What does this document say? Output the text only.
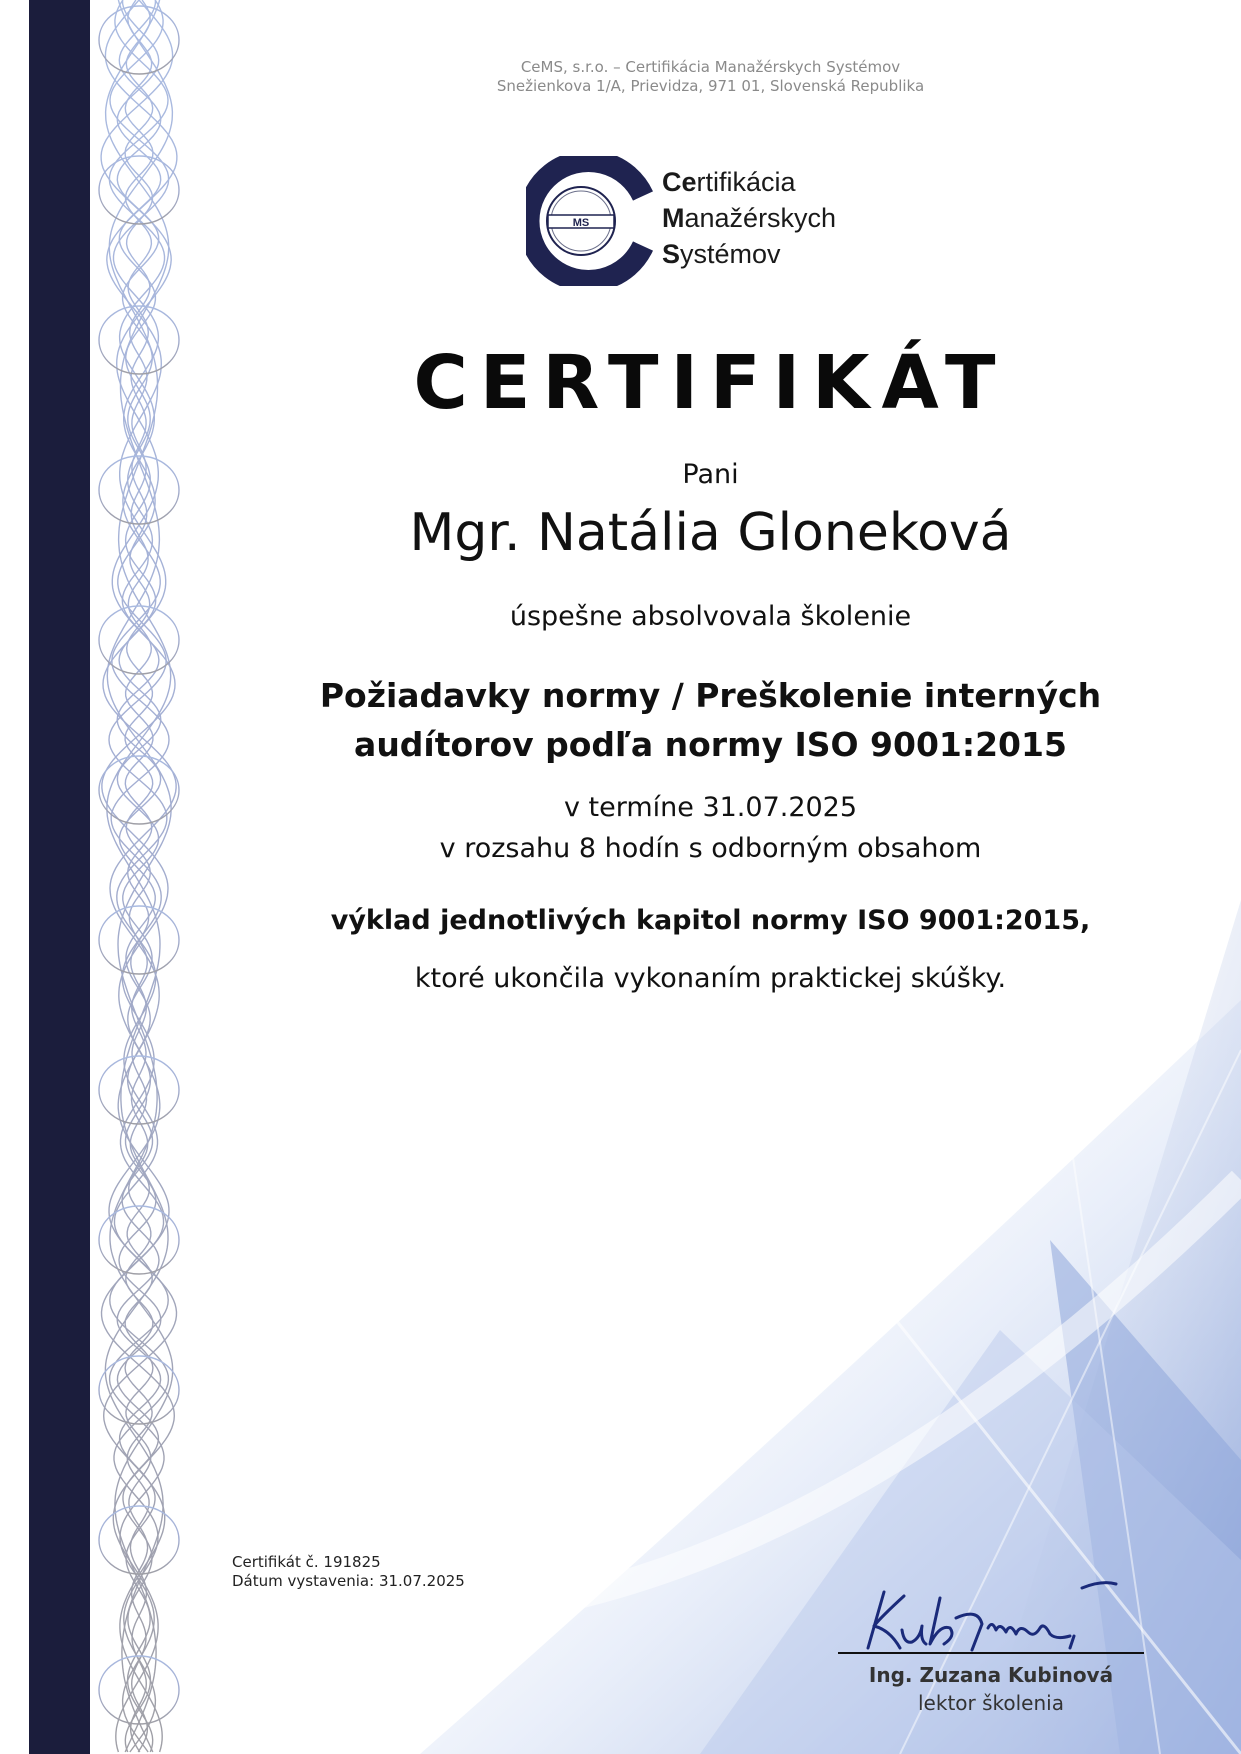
CeMS, s.r.o. – Certifikácia Manažérskych Systémov
Snežienkova 1/A, Prievidza, 971 01, Slovenská Republika
MS
Certifikácia
Manažérskych
Systémov
CERTIFIKÁT
Pani
Mgr. Natália Gloneková
úspešne absolvovala školenie
Požiadavky normy / Preškolenie interných
audítorov podľa normy ISO 9001:2015
v termíne 31.07.2025
v rozsahu 8 hodín s odborným obsahom
výklad jednotlivých kapitol normy ISO 9001:2015,
ktoré ukončila vykonaním praktickej skúšky.
Certifikát č. 191825
Dátum vystavenia: 31.07.2025
Ing. Zuzana Kubinová
lektor školenia
